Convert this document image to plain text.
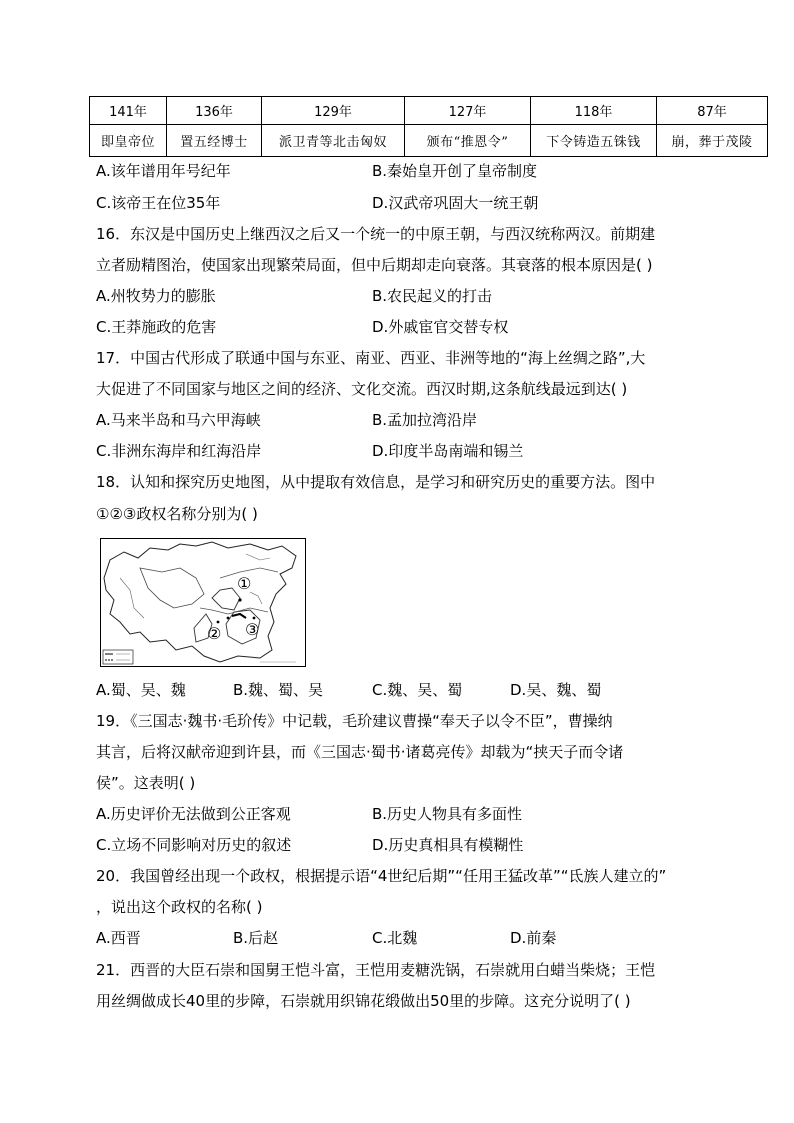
141年	136年	129年	127年	118年	87年
即皇帝位	置五经博士	派卫青等北击匈奴	颁布“推恩令”	下令铸造五铢钱	崩，葬于茂陵
A.该年谱用年号纪年	B.秦始皇开创了皇帝制度
C.该帝王在位35年	D.汉武帝巩固大一统王朝
16．东汉是中国历史上继西汉之后又一个统一的中原王朝，与西汉统称两汉。前期建
立者励精图治，使国家出现繁荣局面，但中后期却走向衰落。其衰落的根本原因是( )
A.州牧势力的膨胀	B.农民起义的打击
C.王莽施政的危害	D.外戚宦官交替专权
17．中国古代形成了联通中国与东亚、南亚、西亚、非洲等地的“海上丝绸之路”,大
大促进了不同国家与地区之间的经济、文化交流。西汉时期,这条航线最远到达( )
A.马来半岛和马六甲海峡	B.孟加拉湾沿岸
C.非洲东海岸和红海沿岸	D.印度半岛南端和锡兰
18．认知和探究历史地图，从中提取有效信息，是学习和研究历史的重要方法。图中
①②③政权名称分别为( )
①
② ③
A.蜀、吴、魏	B.魏、蜀、吴	C.魏、吴、蜀	D.吴、魏、蜀
19．《三国志·魏书·毛玠传》中记载，毛玠建议曹操“奉天子以令不臣”，曹操纳
其言，后将汉献帝迎到许县，而《三国志·蜀书·诸葛亮传》却载为“挟天子而令诸
侯”。这表明( )
A.历史评价无法做到公正客观	B.历史人物具有多面性
C.立场不同影响对历史的叙述	D.历史真相具有模糊性
20．我国曾经出现一个政权，根据提示语“4世纪后期”“任用王猛改革”“氐族人建立的”
，说出这个政权的名称( )
A.西晋	B.后赵	C.北魏	D.前秦
21．西晋的大臣石崇和国舅王恺斗富，王恺用麦糖洗锅，石崇就用白蜡当柴烧；王恺
用丝绸做成长40里的步障，石崇就用织锦花缎做出50里的步障。这充分说明了( )
